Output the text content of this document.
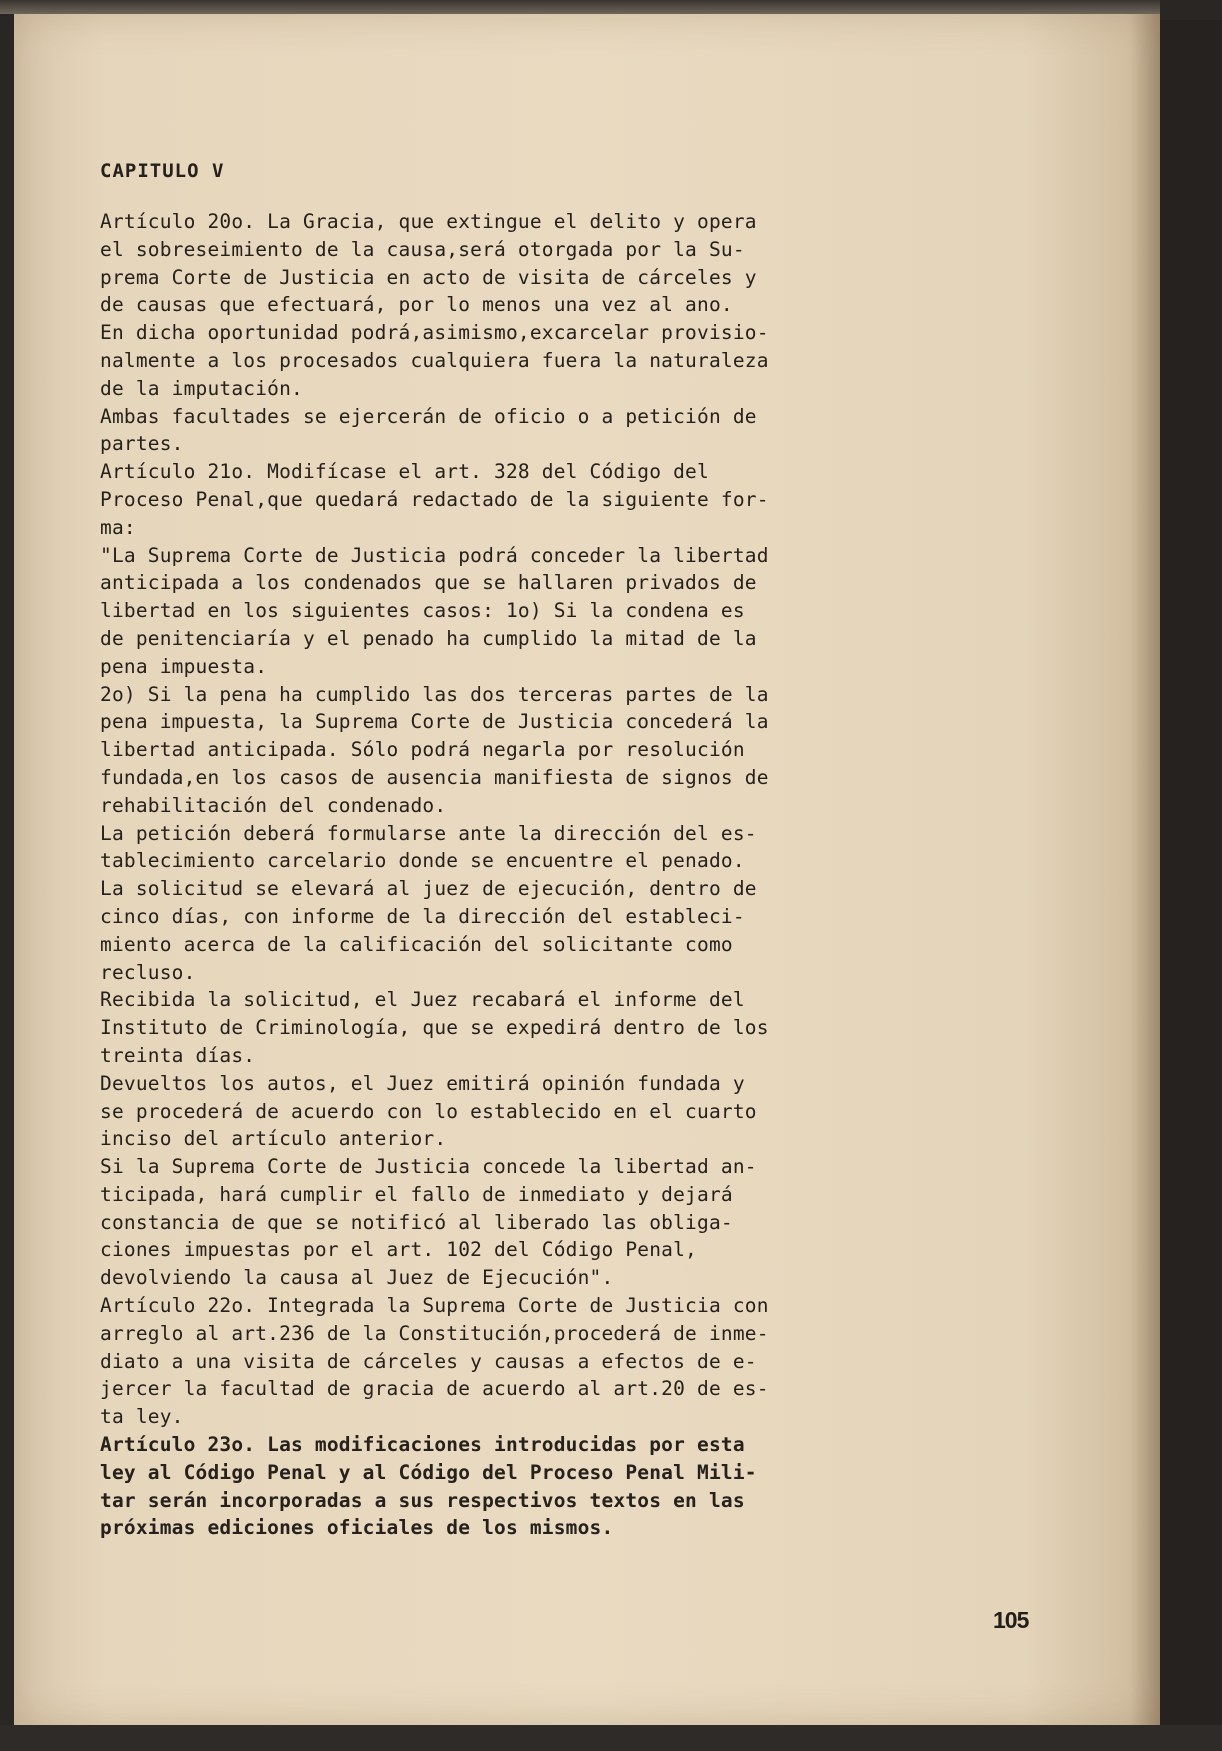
CAPITULO V
Artículo 20o. La Gracia, que extingue el delito y opera
el sobreseimiento de la causa,será otorgada por la Su-
prema Corte de Justicia en acto de visita de cárceles y
de causas que efectuará, por lo menos una vez al ano.
En dicha oportunidad podrá,asimismo,excarcelar provisio-
nalmente a los procesados cualquiera fuera la naturaleza
de la imputación.
Ambas facultades se ejercerán de oficio o a petición de
partes.
Artículo 21o. Modifícase el art. 328 del Código del
Proceso Penal,que quedará redactado de la siguiente for-
ma:
"La Suprema Corte de Justicia podrá conceder la libertad
anticipada a los condenados que se hallaren privados de
libertad en los siguientes casos: 1o) Si la condena es
de penitenciaría y el penado ha cumplido la mitad de la
pena impuesta.
2o) Si la pena ha cumplido las dos terceras partes de la
pena impuesta, la Suprema Corte de Justicia concederá la
libertad anticipada. Sólo podrá negarla por resolución
fundada,en los casos de ausencia manifiesta de signos de
rehabilitación del condenado.
La petición deberá formularse ante la dirección del es-
tablecimiento carcelario donde se encuentre el penado.
La solicitud se elevará al juez de ejecución, dentro de
cinco días, con informe de la dirección del estableci-
miento acerca de la calificación del solicitante como
recluso.
Recibida la solicitud, el Juez recabará el informe del
Instituto de Criminología, que se expedirá dentro de los
treinta días.
Devueltos los autos, el Juez emitirá opinión fundada y
se procederá de acuerdo con lo establecido en el cuarto
inciso del artículo anterior.
Si la Suprema Corte de Justicia concede la libertad an-
ticipada, hará cumplir el fallo de inmediato y dejará
constancia de que se notificó al liberado las obliga-
ciones impuestas por el art. 102 del Código Penal,
devolviendo la causa al Juez de Ejecución".
Artículo 22o. Integrada la Suprema Corte de Justicia con
arreglo al art.236 de la Constitución,procederá de inme-
diato a una visita de cárceles y causas a efectos de e-
jercer la facultad de gracia de acuerdo al art.20 de es-
ta ley.
Artículo 23o. Las modificaciones introducidas por esta
ley al Código Penal y al Código del Proceso Penal Mili-
tar serán incorporadas a sus respectivos textos en las
próximas ediciones oficiales de los mismos.
105
